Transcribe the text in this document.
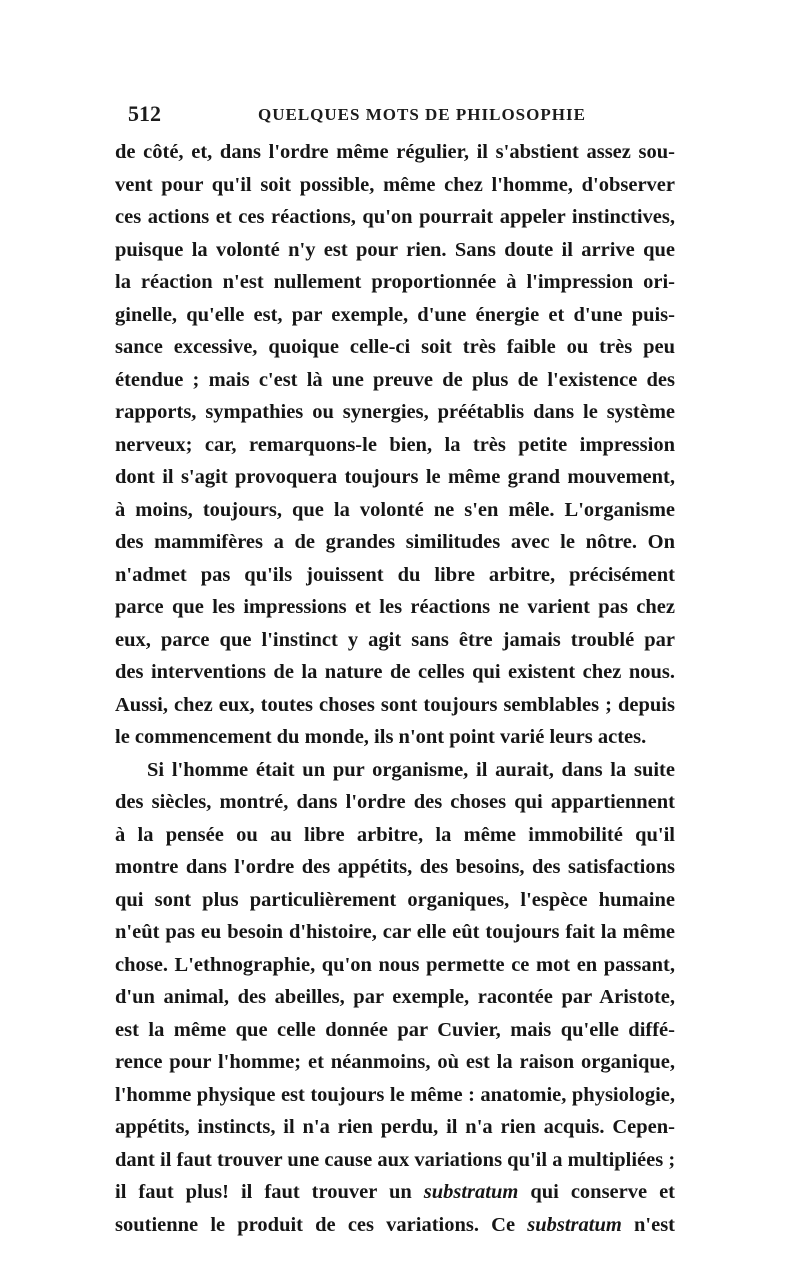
512	QUELQUES MOTS DE PHILOSOPHIE
de côté, et, dans l'ordre même régulier, il s'abstient assez sou-
vent pour qu'il soit possible, même chez l'homme, d'observer
ces actions et ces réactions, qu'on pourrait appeler instinctives,
puisque la volonté n'y est pour rien. Sans doute il arrive que
la réaction n'est nullement proportionnée à l'impression ori-
ginelle, qu'elle est, par exemple, d'une énergie et d'une puis-
sance excessive, quoique celle-ci soit très faible ou très peu
étendue ; mais c'est là une preuve de plus de l'existence des
rapports, sympathies ou synergies, préétablis dans le système
nerveux; car, remarquons-le bien, la très petite impression
dont il s'agit provoquera toujours le même grand mouvement,
à moins, toujours, que la volonté ne s'en mêle. L'organisme
des mammifères a de grandes similitudes avec le nôtre. On
n'admet pas qu'ils jouissent du libre arbitre, précisément
parce que les impressions et les réactions ne varient pas chez
eux, parce que l'instinct y agit sans être jamais troublé par
des interventions de la nature de celles qui existent chez nous.
Aussi, chez eux, toutes choses sont toujours semblables ; depuis
le commencement du monde, ils n'ont point varié leurs actes.
Si l'homme était un pur organisme, il aurait, dans la suite
des siècles, montré, dans l'ordre des choses qui appartiennent
à la pensée ou au libre arbitre, la même immobilité qu'il
montre dans l'ordre des appétits, des besoins, des satisfactions
qui sont plus particulièrement organiques, l'espèce humaine
n'eût pas eu besoin d'histoire, car elle eût toujours fait la même
chose. L'ethnographie, qu'on nous permette ce mot en passant,
d'un animal, des abeilles, par exemple, racontée par Aristote,
est la même que celle donnée par Cuvier, mais qu'elle diffé-
rence pour l'homme; et néanmoins, où est la raison organique,
l'homme physique est toujours le même : anatomie, physiologie,
appétits, instincts, il n'a rien perdu, il n'a rien acquis. Cepen-
dant il faut trouver une cause aux variations qu'il a multipliées ;
il faut plus! il faut trouver un substratum qui conserve et
soutienne le produit de ces variations. Ce substratum n'est
